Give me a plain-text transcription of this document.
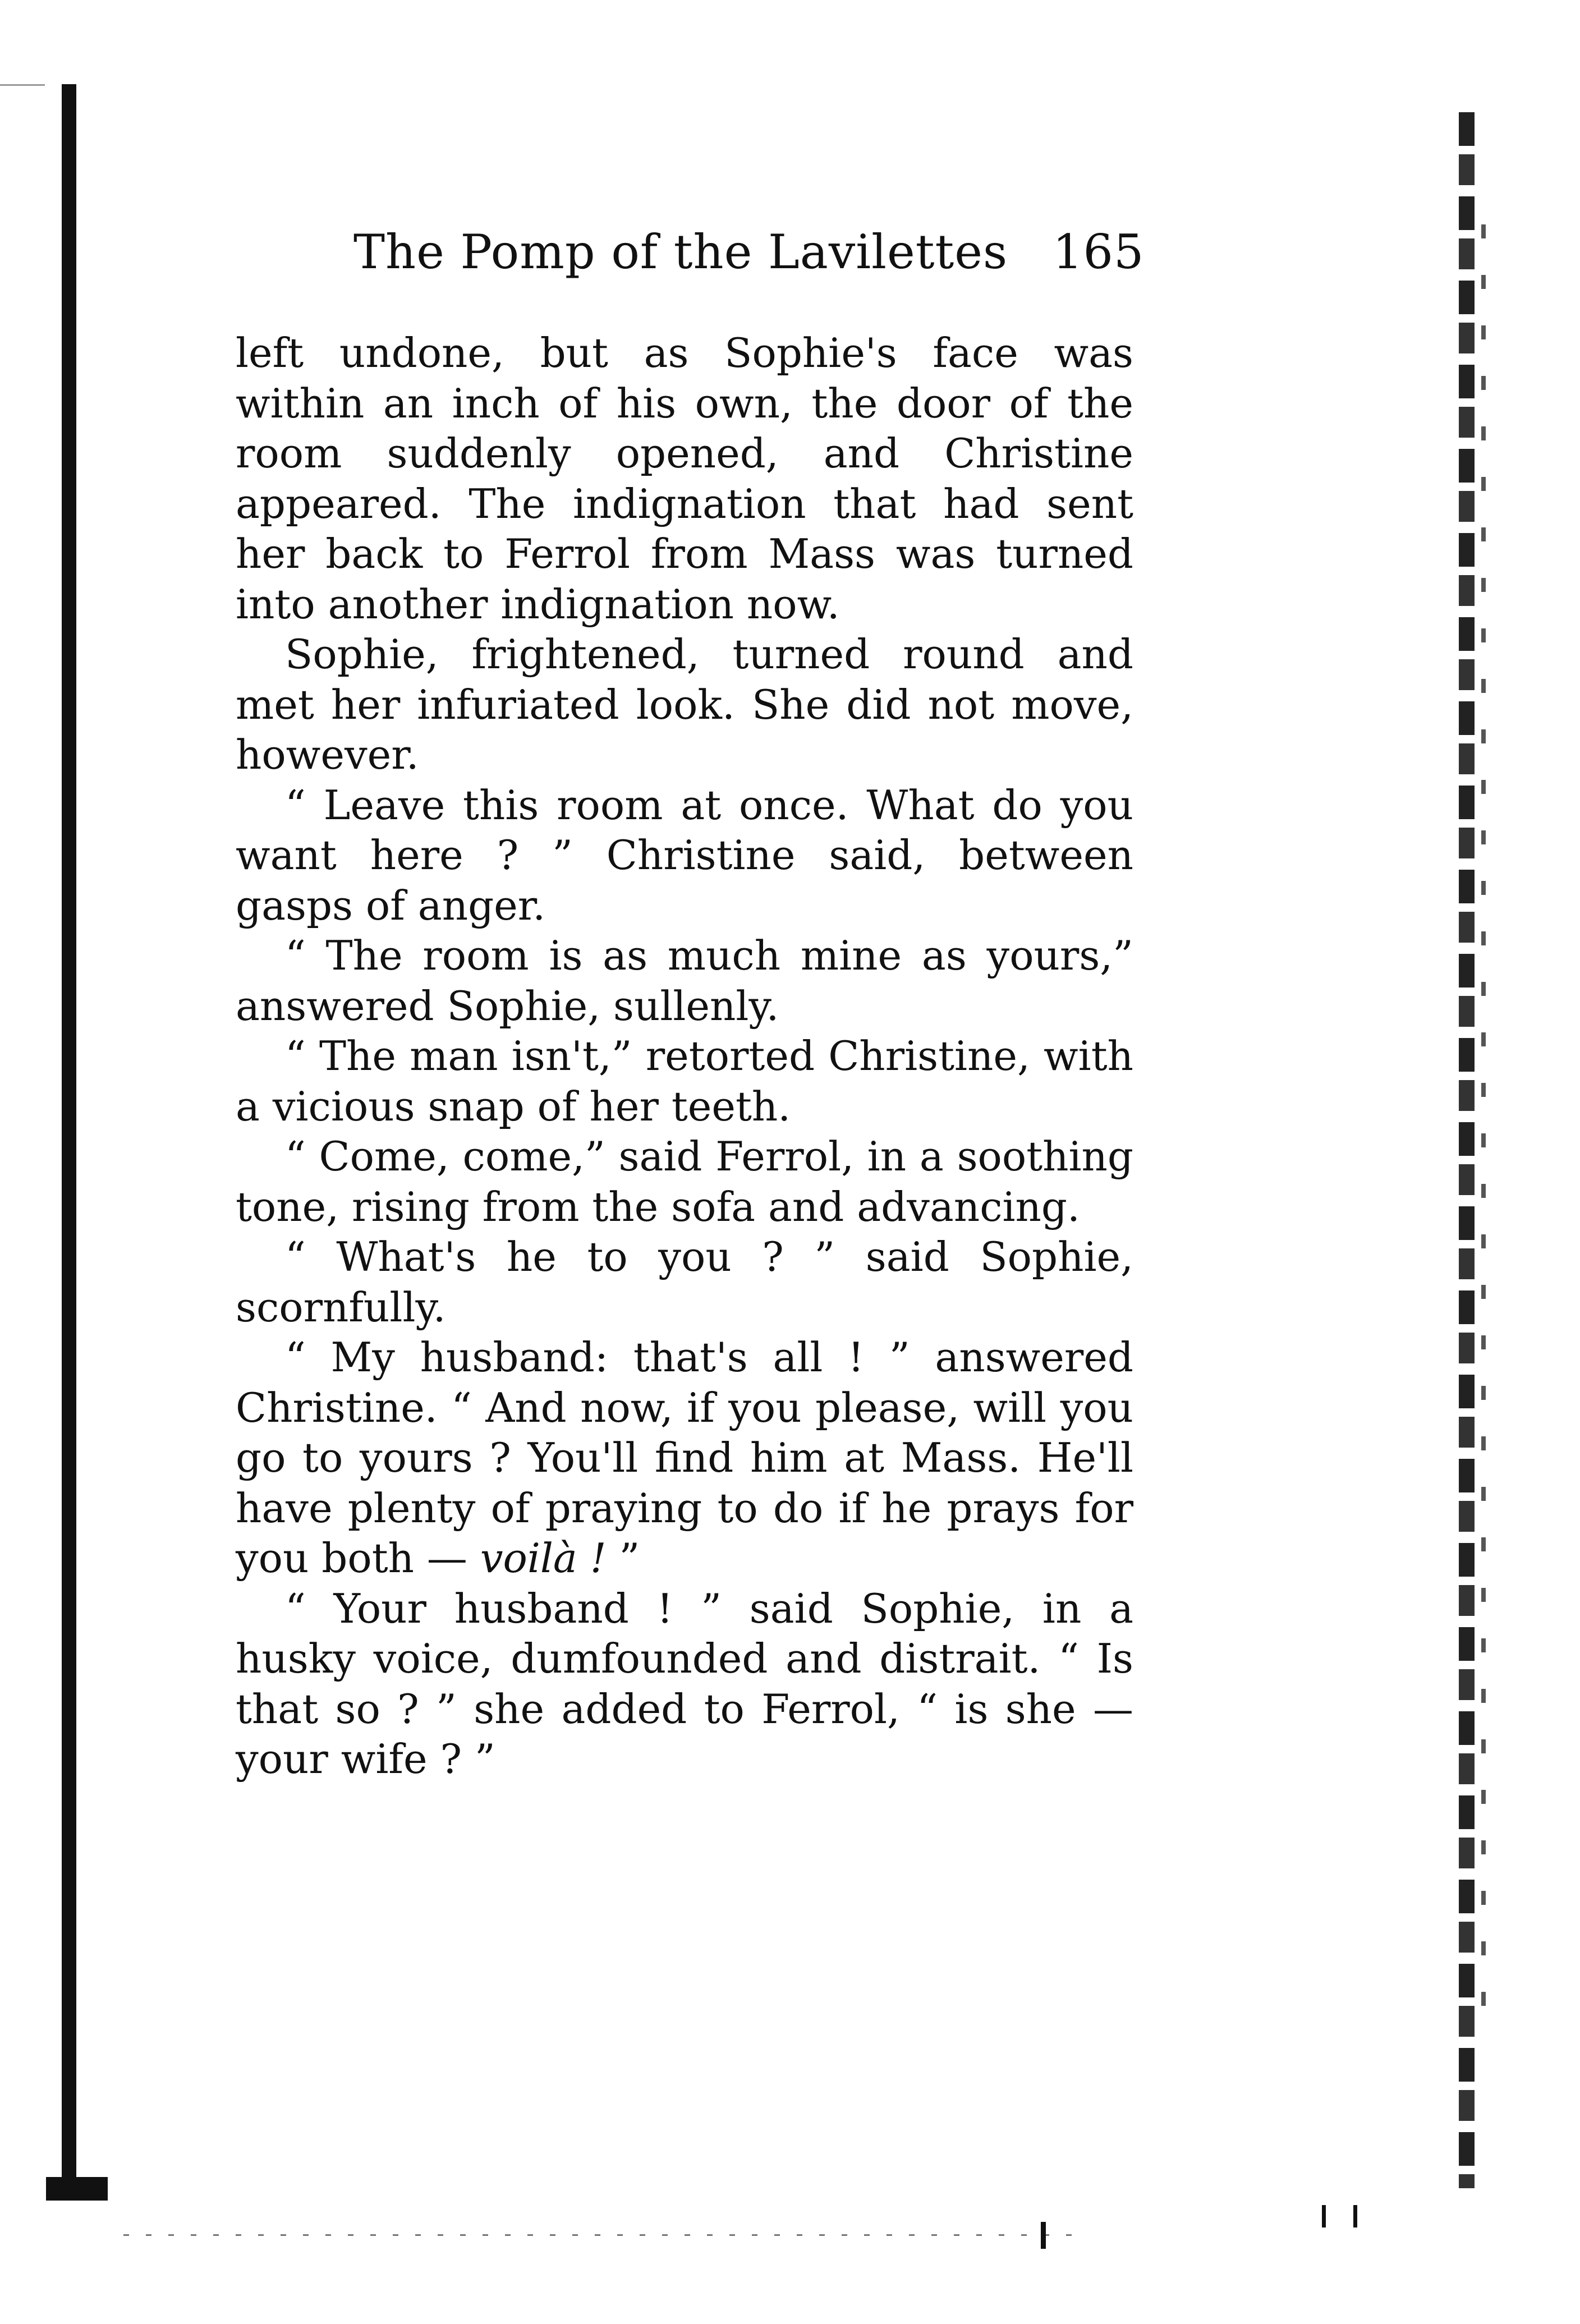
The Pomp of the Lavilettes 165

left undone, but as Sophie's face was within an inch of his own, the door of the room suddenly opened, and Christine appeared. The indignation that had sent her back to Ferrol from Mass was turned into another indignation now.

Sophie, frightened, turned round and met her infuriated look. She did not move, however.

“ Leave this room at once. What do you want here ? ” Christine said, between gasps of anger.

“ The room is as much mine as yours,” answered Sophie, sullenly.

“ The man isn't,” retorted Christine, with a vicious snap of her teeth.

“ Come, come,” said Ferrol, in a soothing tone, rising from the sofa and advancing.

“ What's he to you ? ” said Sophie, scornfully.

“ My husband: that's all ! ” answered Christine. “ And now, if you please, will you go to yours ? You'll find him at Mass. He'll have plenty of praying to do if he prays for you both — voilà ! ”

“ Your husband ! ” said Sophie, in a husky voice, dumfounded and distrait. “ Is that so ? ” she added to Ferrol, “ is she — your wife ? ”
